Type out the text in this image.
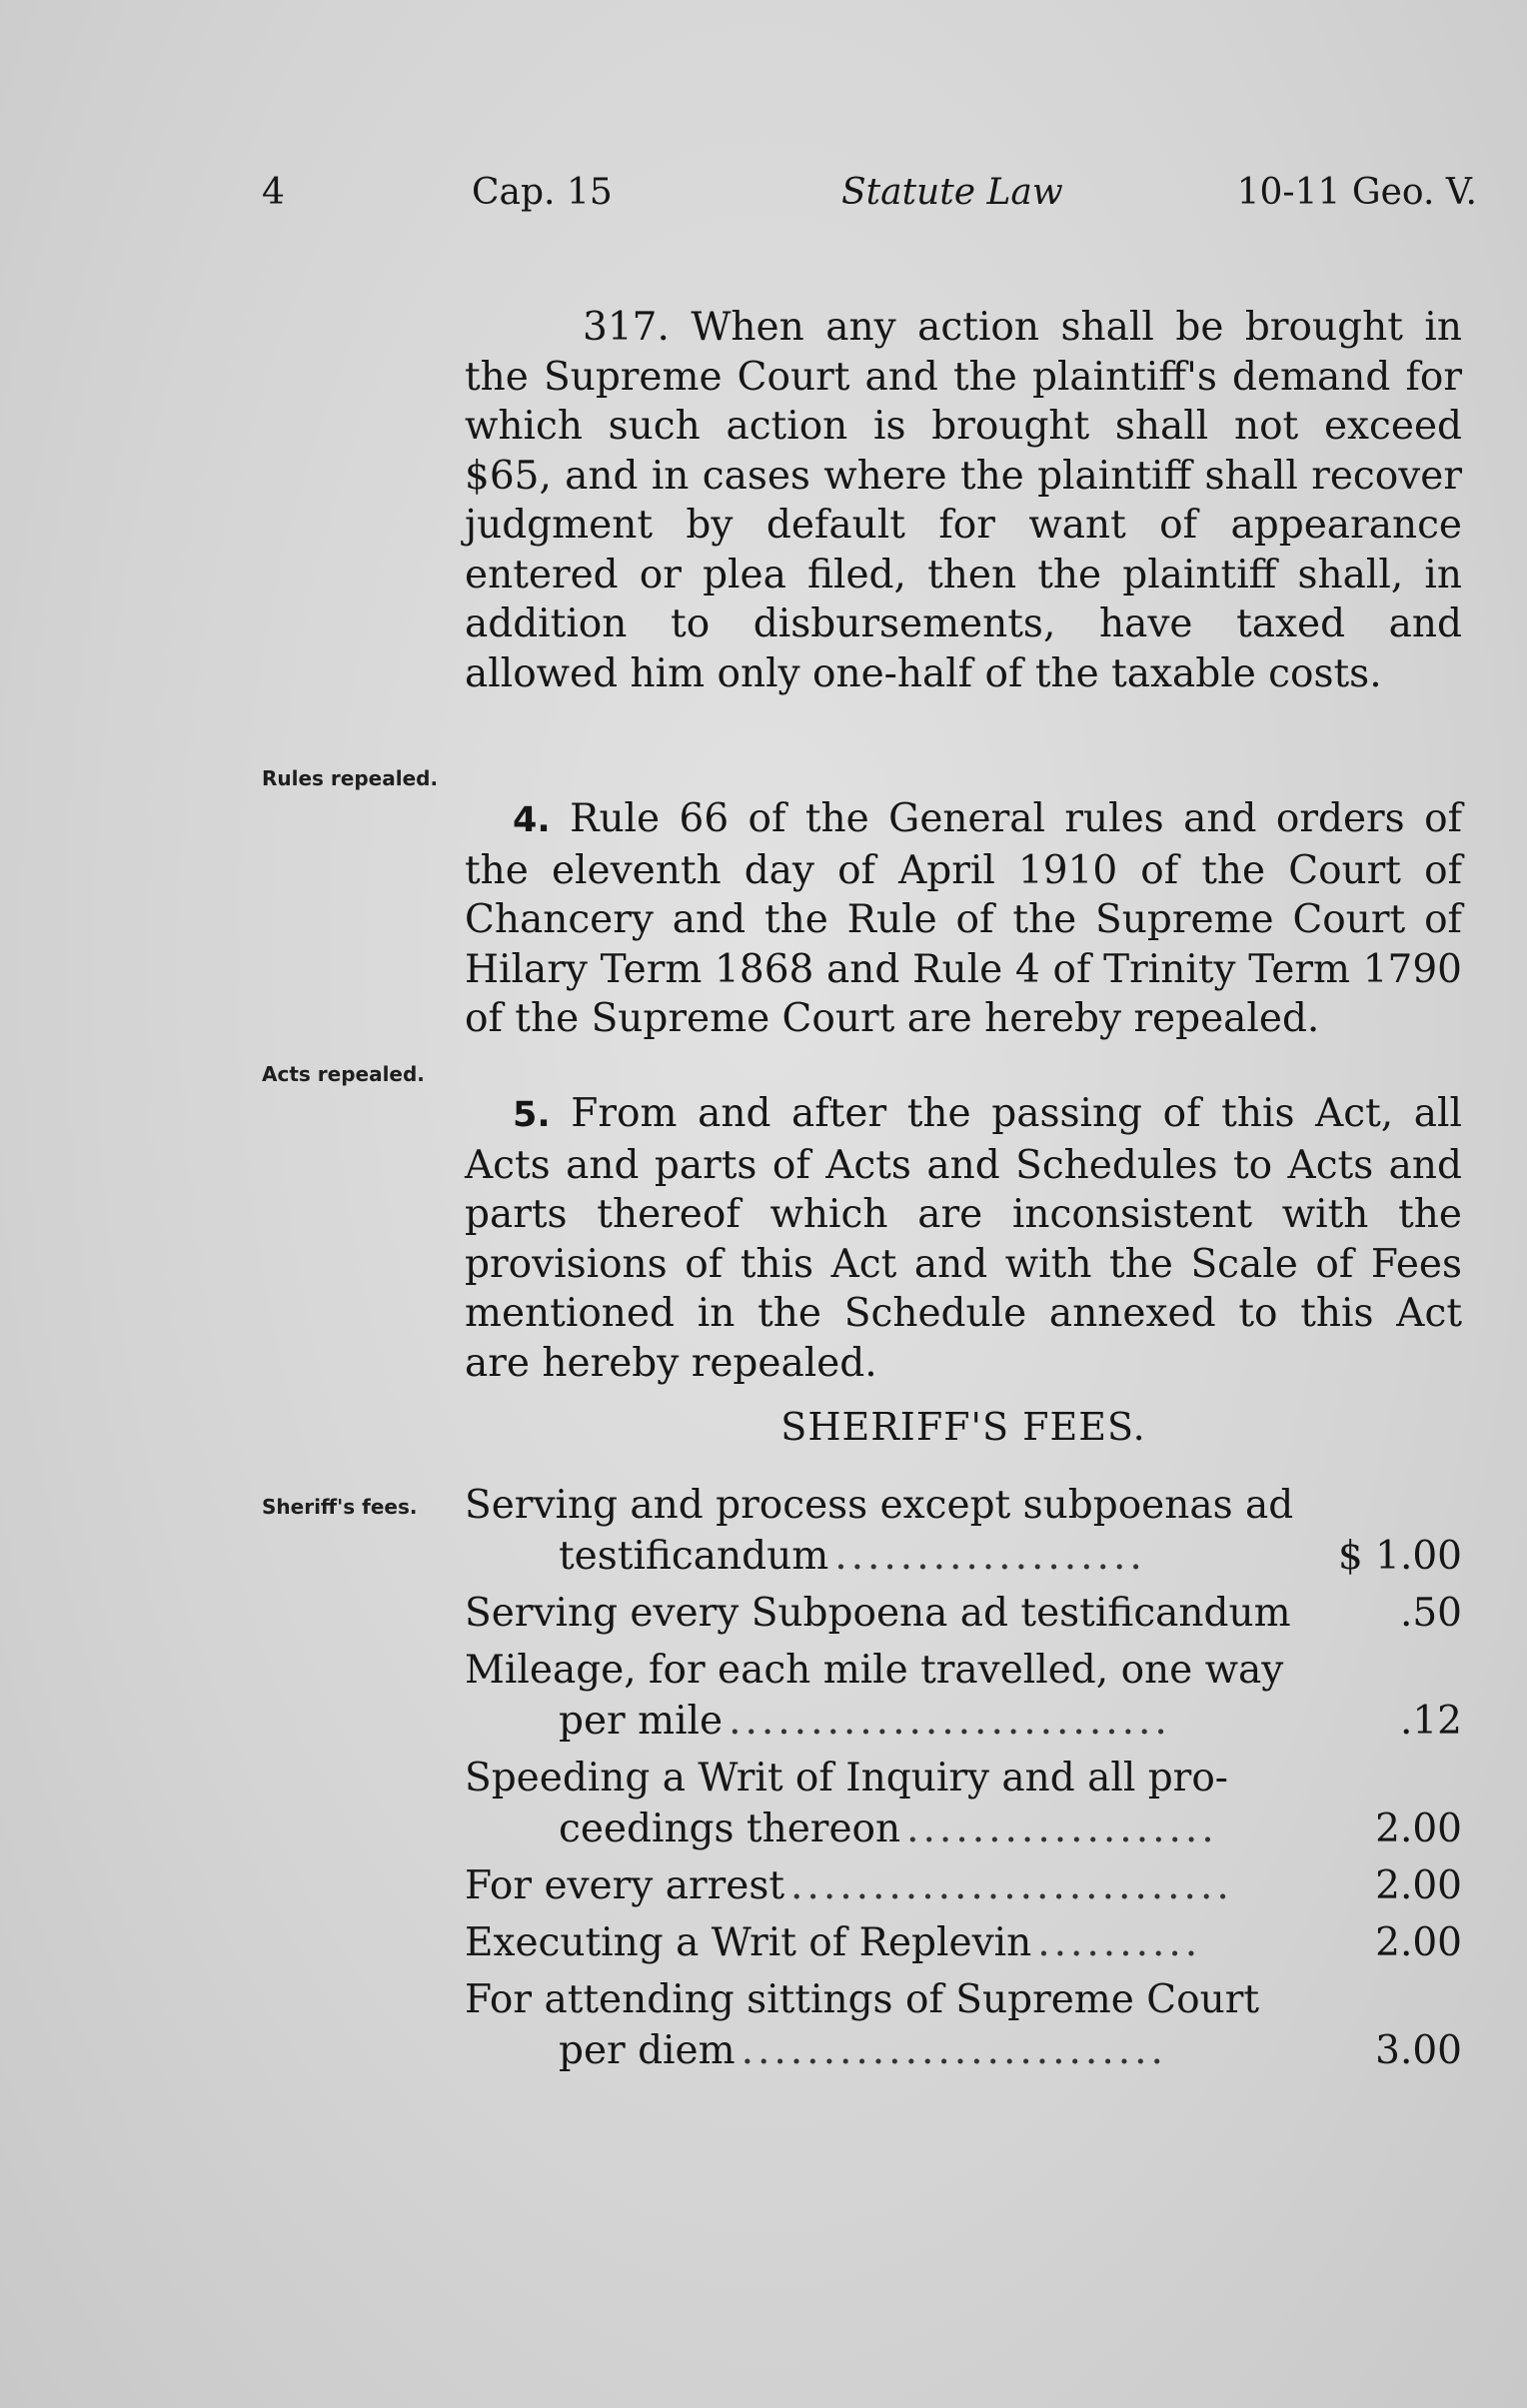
4	Cap. 15	Statute Law	10-11 Geo. V.

317. When any action shall be brought in the Supreme Court and the plaintiff's demand for which such action is brought shall not exceed $65, and in cases where the plaintiff shall recover judgment by default for want of appearance entered or plea filed, then the plaintiff shall, in addition to disbursements, have taxed and allowed him only one-half of the taxable costs.

Rules repealed.

4. Rule 66 of the General rules and orders of the eleventh day of April 1910 of the Court of Chancery and the Rule of the Supreme Court of Hilary Term 1868 and Rule 4 of Trinity Term 1790 of the Supreme Court are hereby repealed.

Acts repealed.

5. From and after the passing of this Act, all Acts and parts of Acts and Schedules to Acts and parts thereof which are inconsistent with the provisions of this Act and with the Scale of Fees mentioned in the Schedule annexed to this Act are hereby repealed.

SHERIFF'S FEES.
Sheriff's fees. Serving and process except subpoenas ad
testificandum ...................	$ 1.00
Serving every Subpoena ad testificandum	.50
Mileage, for each mile travelled, one way
per mile ...........................	.12
Speeding a Writ of Inquiry and all pro-
ceedings thereon ...................	2.00
For every arrest ...........................	2.00
Executing a Writ of Replevin ..........	2.00
For attending sittings of Supreme Court
per diem ..........................	3.00
